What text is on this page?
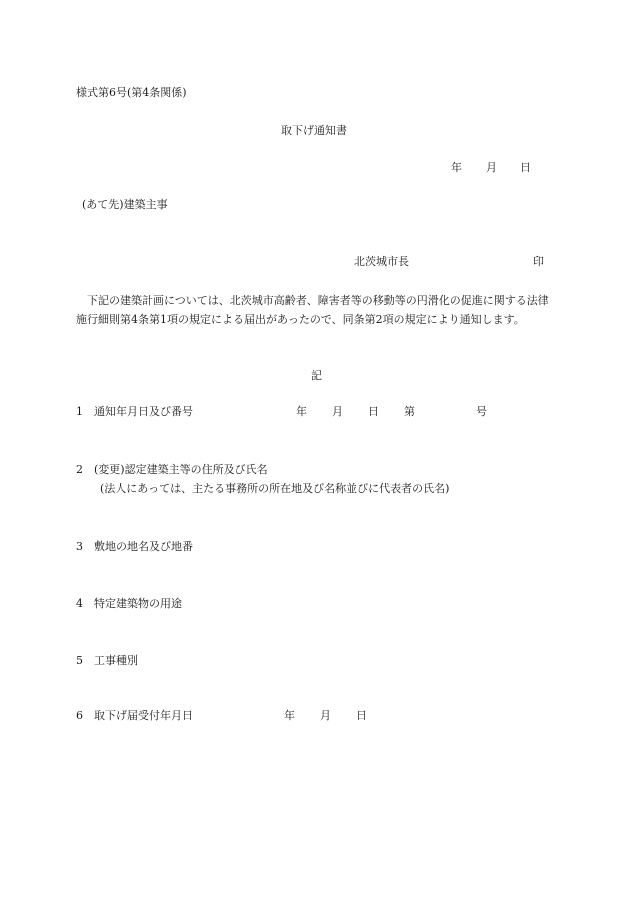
様式第6号(第4条関係)
取下げ通知書
年 月 日
(あて先)建築主事
北茨城市長	印
下記の建築計画については、北茨城市高齢者、障害者等の移動等の円滑化の促進に関する法律施行細則第4条第1項の規定による届出があったので、同条第2項の規定により通知します。
記
1 通知年月日及び番号	年 月 日 第	号
2 (変更)認定建築主等の住所及び氏名
(法人にあっては、主たる事務所の所在地及び名称並びに代表者の氏名)
3 敷地の地名及び地番
4 特定建築物の用途
5 工事種別
6 取下げ届受付年月日	年 月 日
